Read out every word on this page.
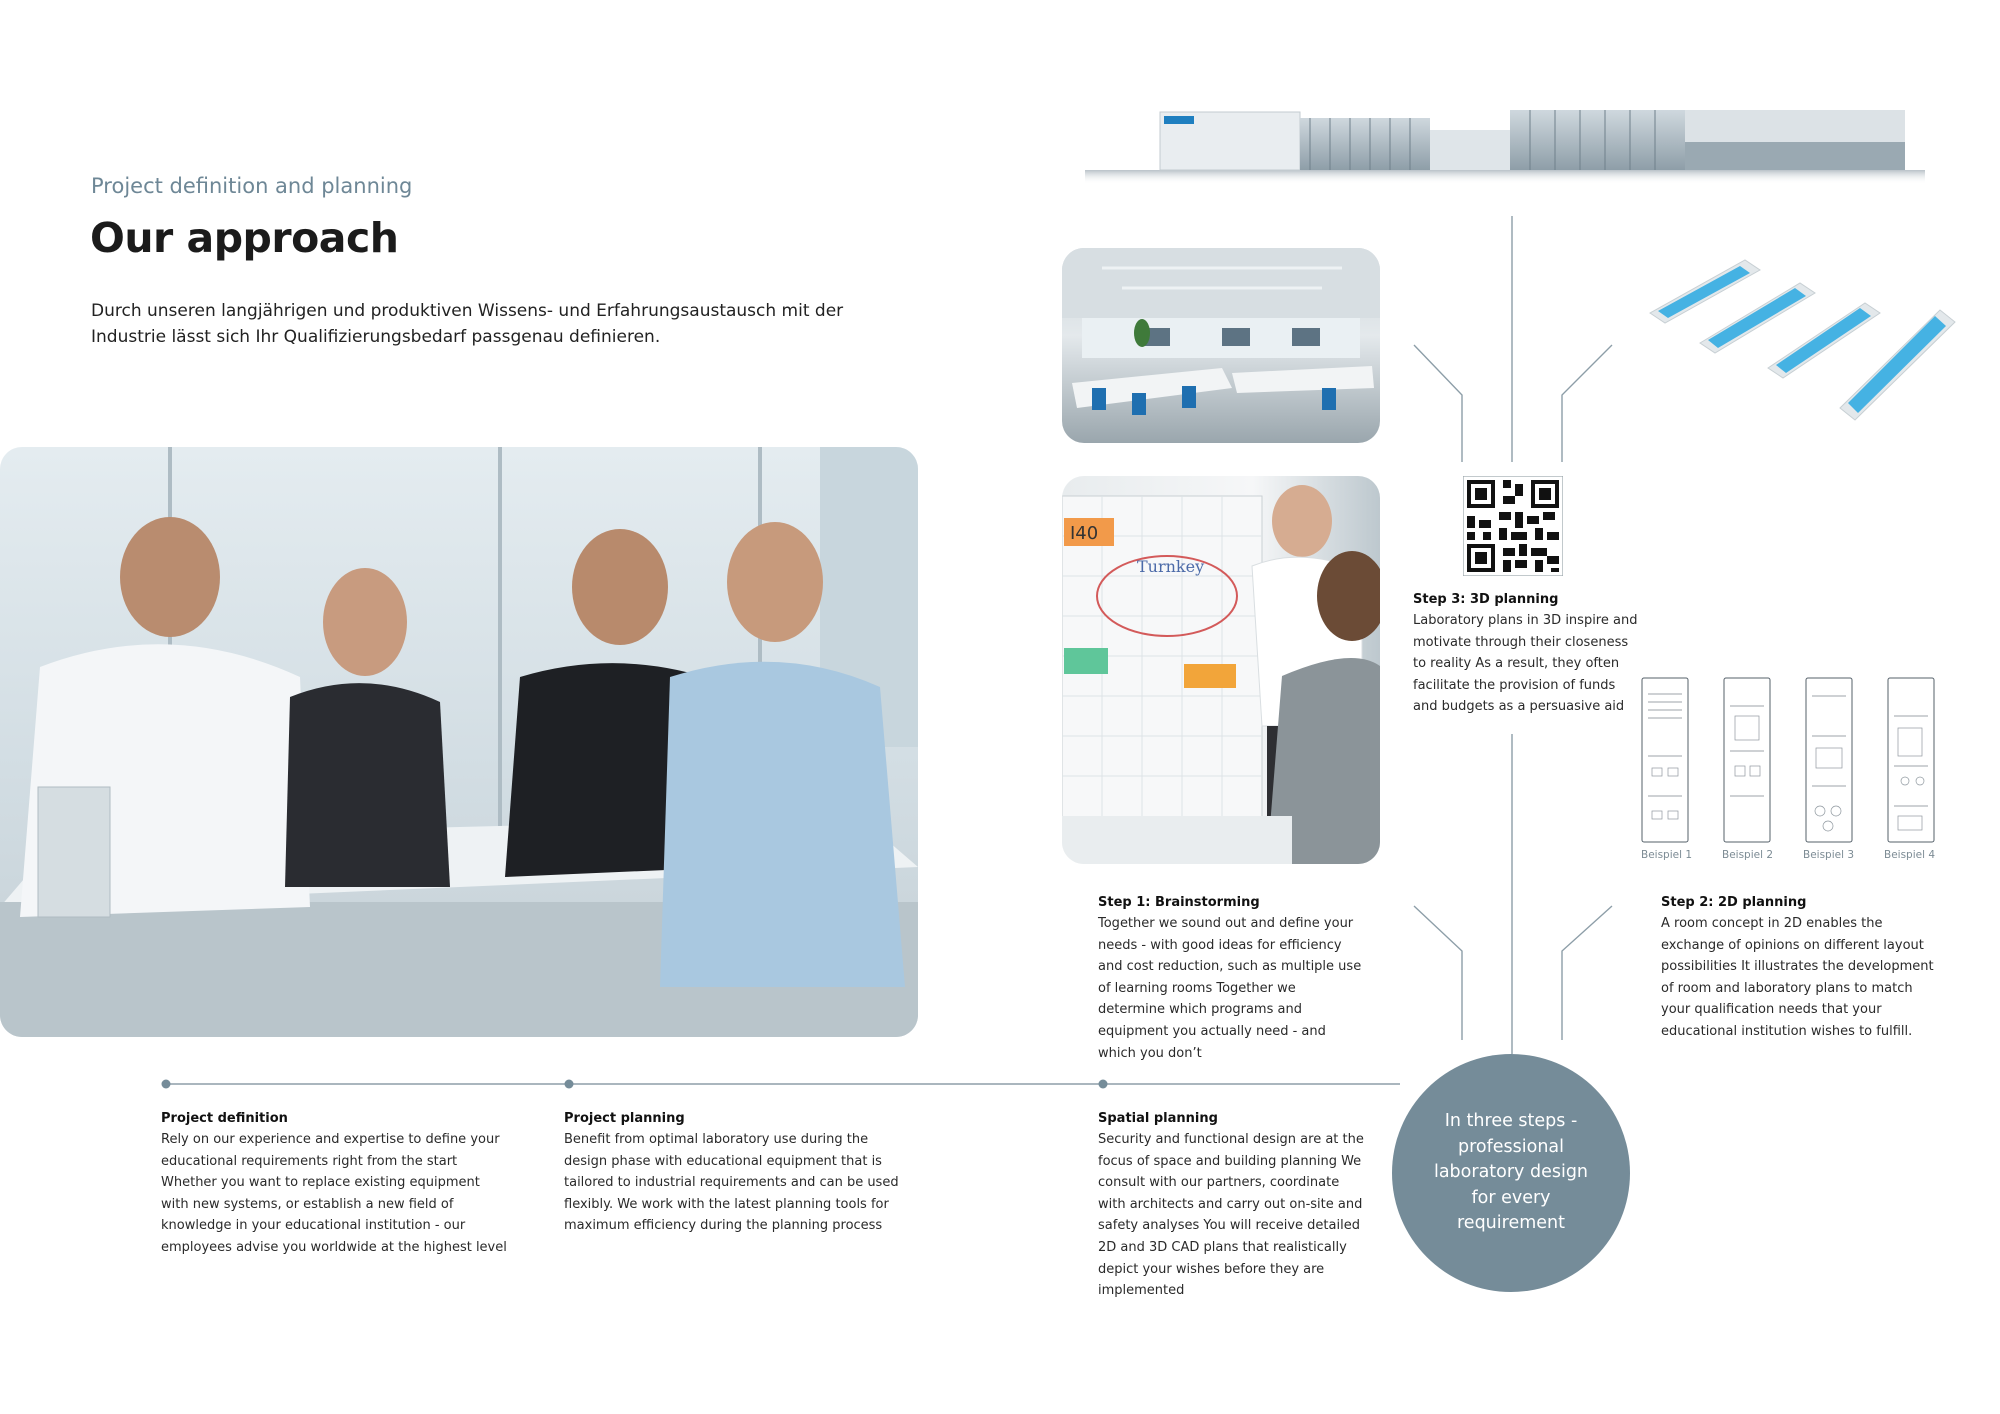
Project definition and planning
Our approach
Durch unseren langjährigen und produktiven Wissens- und Erfahrungsaustausch mit der Industrie lässt sich Ihr Qualifizierungsbedarf passgenau definieren.
I40
Turnkey
Beispiel 1	Beispiel 2	Beispiel 3	Beispiel 4
Step 3: 3D planning
Laboratory plans in 3D inspire and motivate through their closeness to reality As a result, they often facilitate the provision of funds and budgets as a persuasive aid
Step 1: Brainstorming
Together we sound out and define your needs - with good ideas for efficiency and cost reduction, such as multiple use of learning rooms Together we determine which programs and equipment you actually need - and which you don’t
Step 2: 2D planning
A room concept in 2D enables the exchange of opinions on different layout possibilities It illustrates the development of room and laboratory plans to match your qualification needs that your educational institution wishes to fulfill.
Project definition
Rely on our experience and expertise to define your educational requirements right from the start Whether you want to replace existing equipment with new systems, or establish a new field of knowledge in your educational institution - our employees advise you worldwide at the highest level
Project planning
Benefit from optimal laboratory use during the design phase with educational equipment that is tailored to industrial requirements and can be used flexibly. We work with the latest planning tools for maximum efficiency during the planning process
Spatial planning
Security and functional design are at the focus of space and building planning We consult with our partners, coordinate with architects and carry out on-site and safety analyses You will receive detailed 2D and 3D CAD plans that realistically depict your wishes before they are implemented
In three steps - professional laboratory design for every requirement
